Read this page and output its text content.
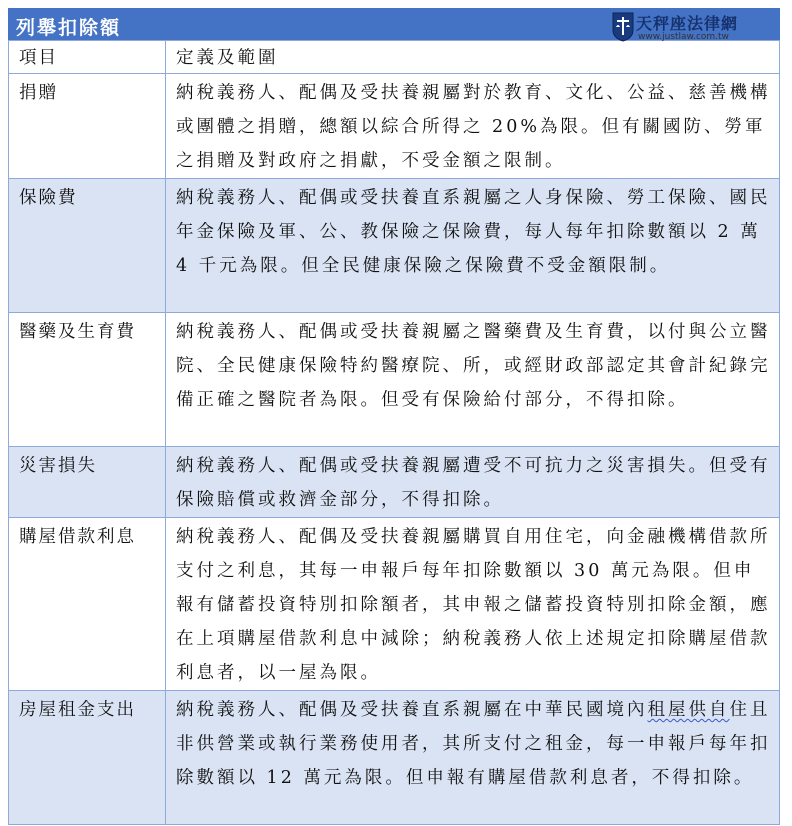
列舉扣除額	天秤座法律網
www.justlaw.com.tw
項目	定義及範圍
捐贈	納稅義務人、配偶及受扶養親屬對於教育、文化、公益、慈善機構或團體之捐贈，總額以綜合所得之 20%為限。但有關國防、勞軍之捐贈及對政府之捐獻，不受金額之限制。
保險費	納稅義務人、配偶或受扶養直系親屬之人身保險、勞工保險、國民年金保險及軍、公、教保險之保險費，每人每年扣除數額以 2 萬 4 千元為限。但全民健康保險之保險費不受金額限制。
醫藥及生育費	納稅義務人、配偶或受扶養親屬之醫藥費及生育費，以付與公立醫院、全民健康保險特約醫療院、所，或經財政部認定其會計紀錄完備正確之醫院者為限。但受有保險給付部分，不得扣除。
災害損失	納稅義務人、配偶或受扶養親屬遭受不可抗力之災害損失。但受有保險賠償或救濟金部分，不得扣除。
購屋借款利息	納稅義務人、配偶及受扶養親屬購買自用住宅，向金融機構借款所支付之利息，其每一申報戶每年扣除數額以 30 萬元為限。但申報有儲蓄投資特別扣除額者，其申報之儲蓄投資特別扣除金額，應在上項購屋借款利息中減除；納稅義務人依上述規定扣除購屋借款利息者，以一屋為限。
房屋租金支出	納稅義務人、配偶及受扶養直系親屬在中華民國境內租屋供自住且非供營業或執行業務使用者，其所支付之租金，每一申報戶每年扣除數額以 12 萬元為限。但申報有購屋借款利息者，不得扣除。
